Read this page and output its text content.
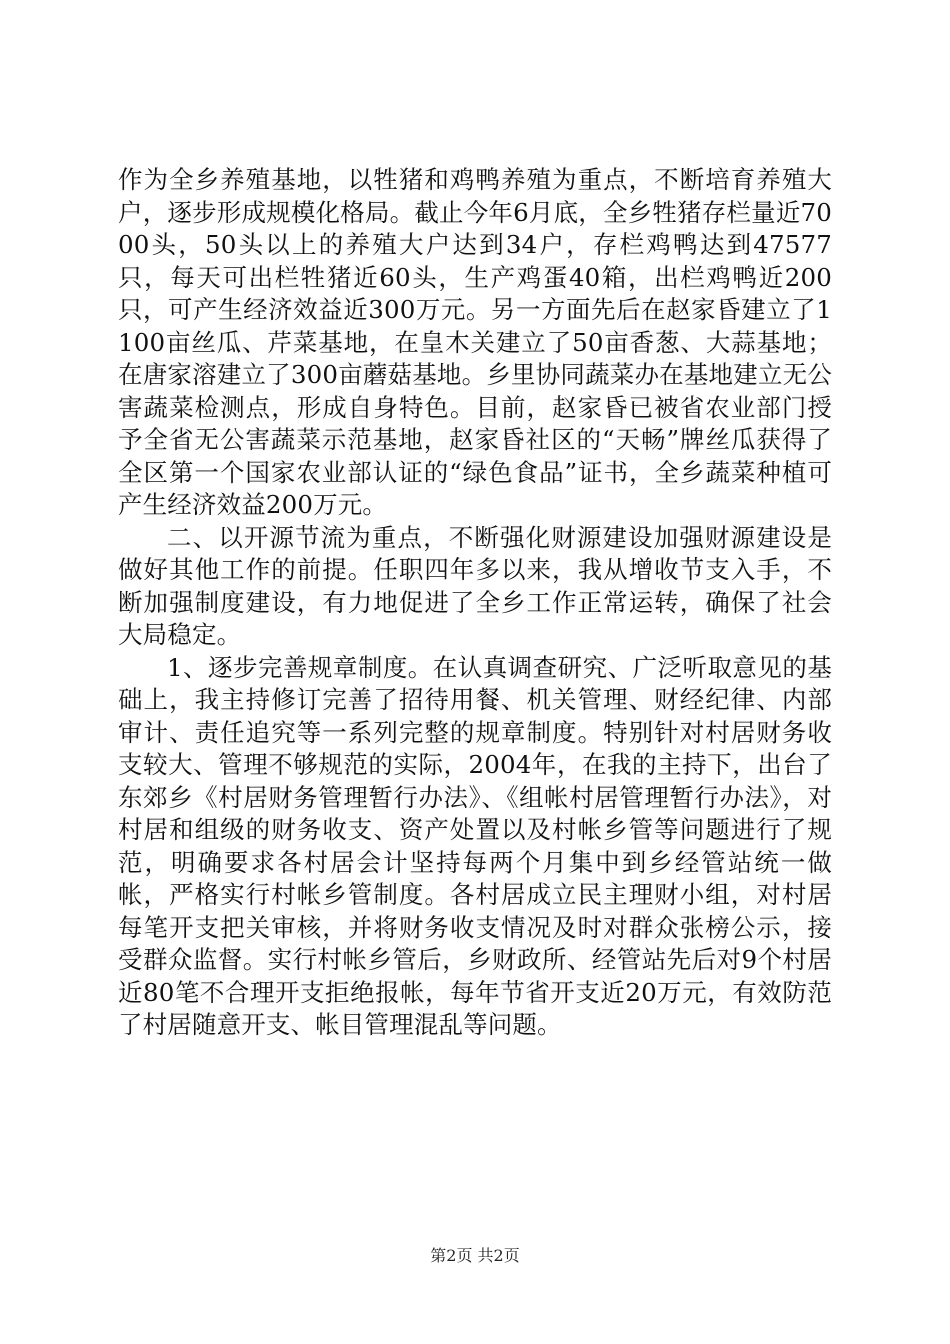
作为全乡养殖基地，以牲猪和鸡鸭养殖为重点，不断培育养殖大户，逐步形成规模化格局。截止今年6月底，全乡牲猪存栏量近7000头，50头以上的养殖大户达到34户，存栏鸡鸭达到47577只，每天可出栏牲猪近60头，生产鸡蛋40箱，出栏鸡鸭近200只，可产生经济效益近300万元。另一方面先后在赵家昏建立了1100亩丝瓜、芹菜基地，在皇木关建立了50亩香葱、大蒜基地；在唐家溶建立了300亩蘑菇基地。乡里协同蔬菜办在基地建立无公害蔬菜检测点，形成自身特色。目前，赵家昏已被省农业部门授予全省无公害蔬菜示范基地，赵家昏社区的“天畅”牌丝瓜获得了全区第一个国家农业部认证的“绿色食品”证书，全乡蔬菜种植可产生经济效益200万元。

二、以开源节流为重点，不断强化财源建设加强财源建设是做好其他工作的前提。任职四年多以来，我从增收节支入手，不断加强制度建设，有力地促进了全乡工作正常运转，确保了社会大局稳定。

1、逐步完善规章制度。在认真调查研究、广泛听取意见的基础上，我主持修订完善了招待用餐、机关管理、财经纪律、内部审计、责任追究等一系列完整的规章制度。特别针对村居财务收支较大、管理不够规范的实际，2004年，在我的主持下，出台了东郊乡《村居财务管理暂行办法》、《组帐村居管理暂行办法》，对村居和组级的财务收支、资产处置以及村帐乡管等问题进行了规范，明确要求各村居会计坚持每两个月集中到乡经管站统一做帐，严格实行村帐乡管制度。各村居成立民主理财小组，对村居每笔开支把关审核，并将财务收支情况及时对群众张榜公示，接受群众监督。实行村帐乡管后，乡财政所、经管站先后对9个村居近80笔不合理开支拒绝报帐，每年节省开支近20万元，有效防范了村居随意开支、帐目管理混乱等问题。

第2页 共2页
